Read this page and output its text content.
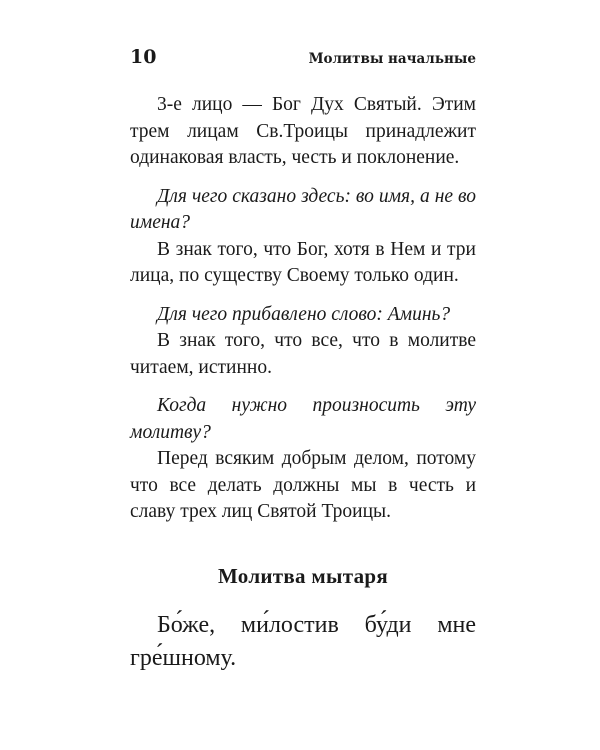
10	Молитвы начальные

3-е лицо — Бог Дух Святый. Этим трем лицам Св.Троицы принадлежит одинаковая власть, честь и поклонение.

Для чего сказано здесь: во имя, а не во имена?

В знак того, что Бог, хотя в Нем и три лица, по существу Своему только один.

Для чего прибавлено слово: Аминь?

В знак того, что все, что в молитве читаем, истинно.

Когда нужно произносить эту молитву?

Перед всяким добрым делом, потому что все делать должны мы в честь и славу трех лиц Святой Троицы.

Молитва мытаря

Бо́же, ми́лостив бу́ди мне гре́шному.
